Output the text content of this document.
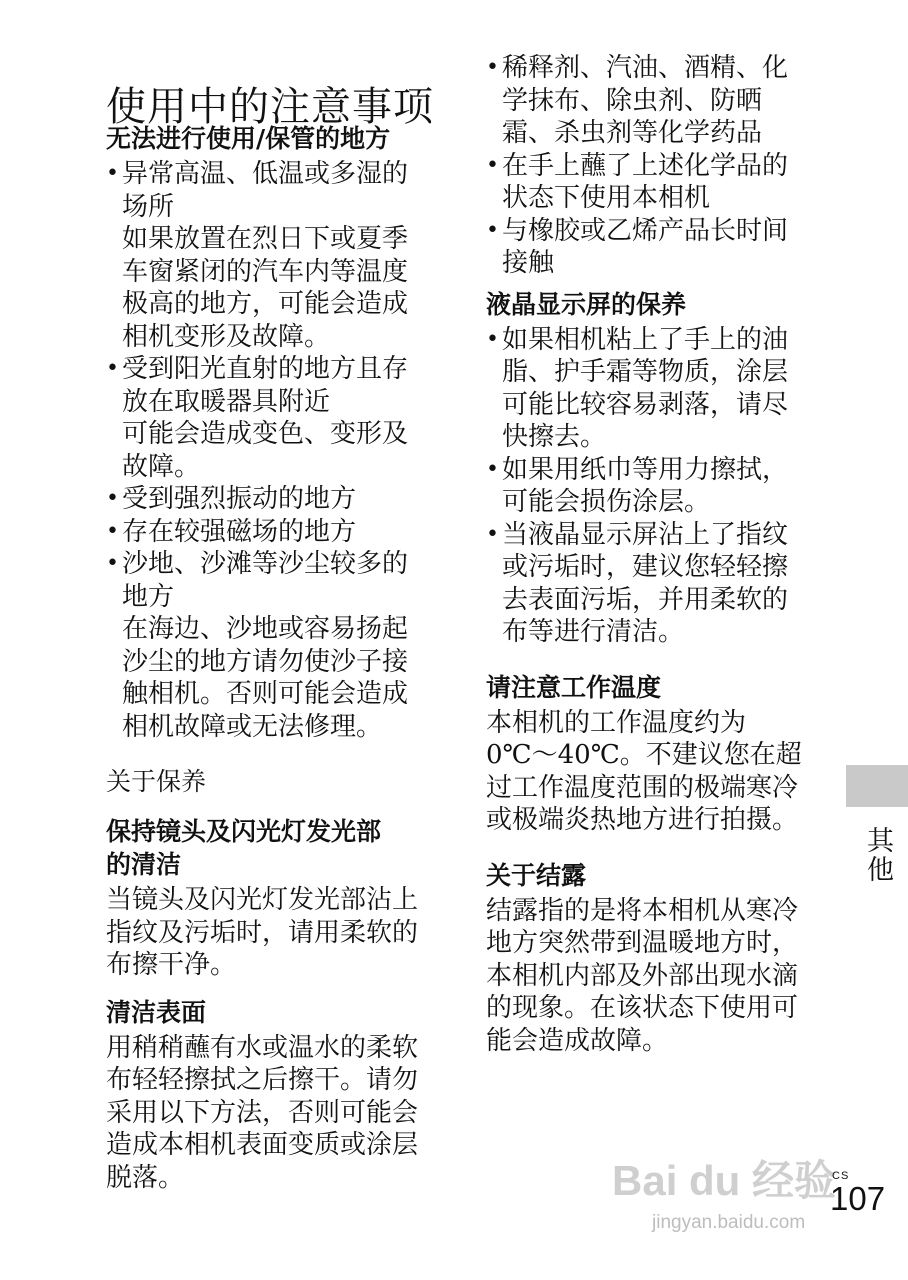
使用中的注意事项
无法进行使用/保管的地方
• 异常高温、低温或多湿的
场所
如果放置在烈日下或夏季
车窗紧闭的汽车内等温度
极高的地方，可能会造成
相机变形及故障。
• 受到阳光直射的地方且存
放在取暖器具附近
可能会造成变色、变形及
故障。
• 受到强烈振动的地方
• 存在较强磁场的地方
• 沙地、沙滩等沙尘较多的
地方
在海边、沙地或容易扬起
沙尘的地方请勿使沙子接
触相机。否则可能会造成
相机故障或无法修理。
关于保养
保持镜头及闪光灯发光部
的清洁
当镜头及闪光灯发光部沾上
指纹及污垢时，请用柔软的
布擦干净。
清洁表面
用稍稍蘸有水或温水的柔软
布轻轻擦拭之后擦干。请勿
采用以下方法，否则可能会
造成本相机表面变质或涂层
脱落。
• 稀释剂、汽油、酒精、化
学抹布、除虫剂、防晒
霜、杀虫剂等化学药品
• 在手上蘸了上述化学品的
状态下使用本相机
• 与橡胶或乙烯产品长时间
接触
液晶显示屏的保养
• 如果相机粘上了手上的油
脂、护手霜等物质，涂层
可能比较容易剥落，请尽
快擦去。
• 如果用纸巾等用力擦拭，
可能会损伤涂层。
• 当液晶显示屏沾上了指纹
或污垢时，建议您轻轻擦
去表面污垢，并用柔软的
布等进行清洁。
请注意工作温度
本相机的工作温度约为
0℃～40℃。不建议您在超
过工作温度范围的极端寒冷
或极端炎热地方进行拍摄。
关于结露
结露指的是将本相机从寒冷
地方突然带到温暖地方时，
本相机内部及外部出现水滴
的现象。在该状态下使用可
能会造成故障。
其他
Bai du 经验
jingyan.baidu.com
CS
107
